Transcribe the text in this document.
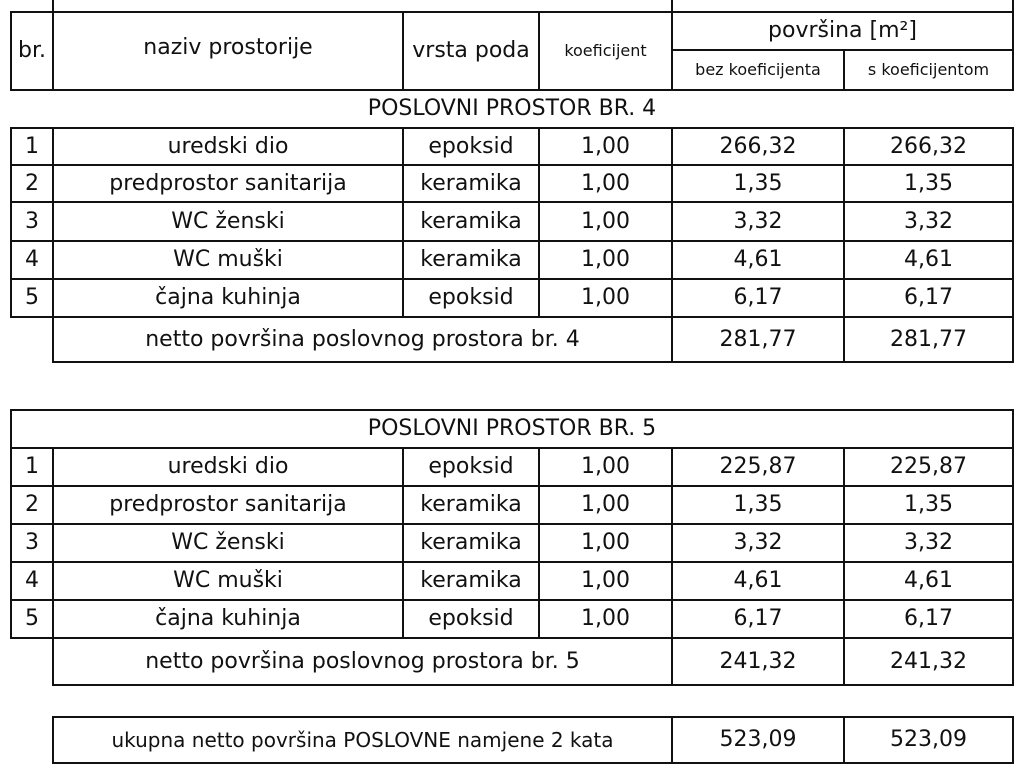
br.	naziv prostorije	vrsta poda	koeficijent
površina [m²]
bez koeficijenta	s koeficijentom
POSLOVNI PROSTOR BR. 4
1	uredski dio	epoksid	1,00	266,32	266,32
2	predprostor sanitarija	keramika	1,00	1,35	1,35
3	WC ženski	keramika	1,00	3,32	3,32
4	WC muški	keramika	1,00	4,61	4,61
5	čajna kuhinja	epoksid	1,00	6,17	6,17
netto površina poslovnog prostora br. 4	281,77	281,77
POSLOVNI PROSTOR BR. 5
1	uredski dio	epoksid	1,00	225,87	225,87
2	predprostor sanitarija	keramika	1,00	1,35	1,35
3	WC ženski	keramika	1,00	3,32	3,32
4	WC muški	keramika	1,00	4,61	4,61
5	čajna kuhinja	epoksid	1,00	6,17	6,17
netto površina poslovnog prostora br. 5	241,32	241,32
ukupna netto površina POSLOVNE namjene 2 kata	523,09	523,09
